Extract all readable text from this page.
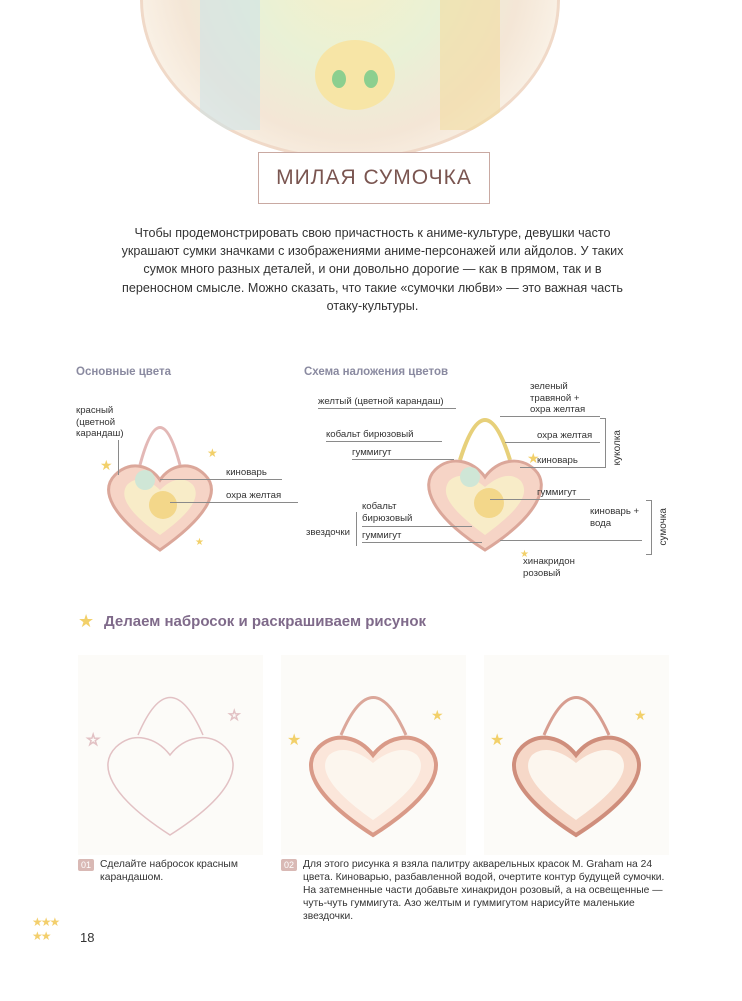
МИЛАЯ СУМОЧКА

Чтобы продемонстрировать свою причастность к аниме-культуре, девушки часто украшают сумки значками с изображениями аниме-персонажей или айдолов. У таких сумок много разных деталей, и они довольно дорогие — как в прямом, так и в переносном смысле. Можно сказать, что такие «сумочки любви» — это важная часть отаку-культуры.

Основные цвета
★
★
★
красный (цветной карандаш)
киноварь
охра желтая
Схема наложения цветов
★
★
желтый (цветной карандаш)
кобальт бирюзовый
гуммигут
звездочки
кобальт бирюзовый
гуммигут
зеленый травяной + охра желтая
охра желтая
киноварь	куколка
гуммигут
киноварь + вода
хинакридон розовый
сумочка
★ Делаем набросок и раскрашиваем рисунок
☆
☆
★
★
★
★
01 Сделайте набросок красным карандашом.
02 Для этого рисунка я взяла палитру акварельных красок M. Graham на 24 цвета. Киноварью, разбавленной водой, очертите контур будущей сумочки. На затемненные части добавьте хинакридон розовый, а на освещенные — чуть-чуть гуммигута. Азо желтым и гуммигутом нарисуйте маленькие звездочки.
★★★
★★	18
